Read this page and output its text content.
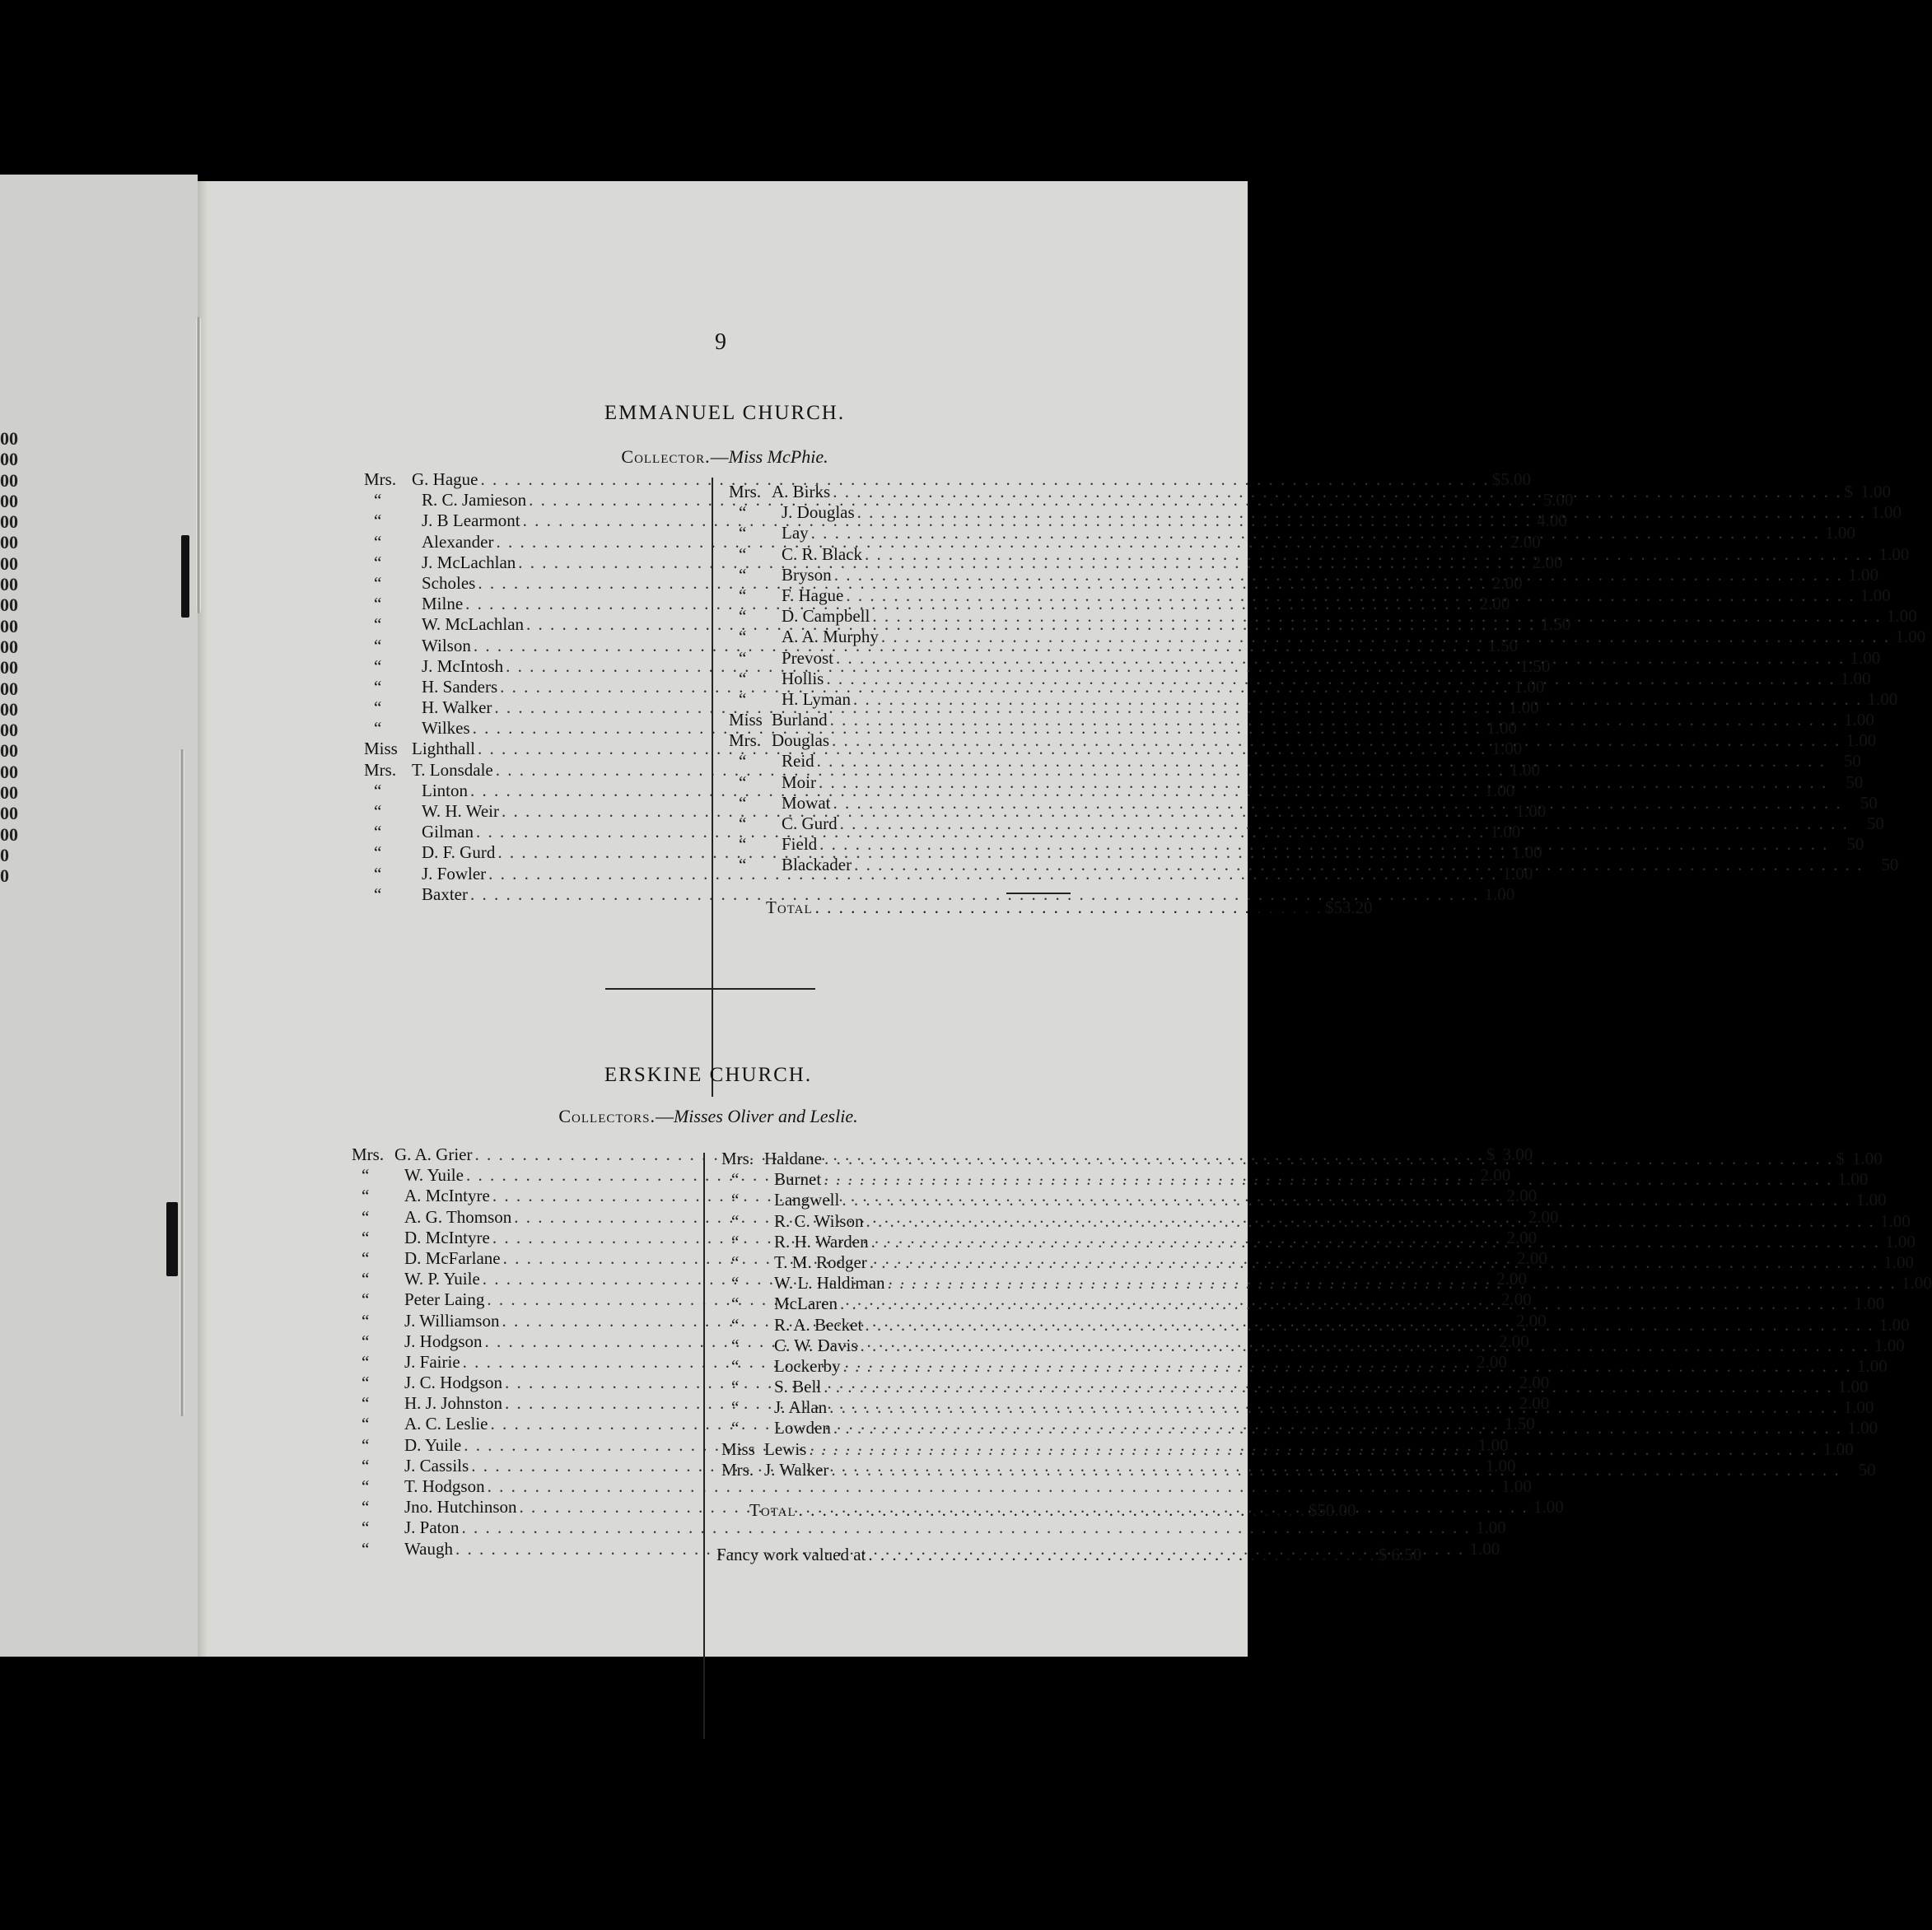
00
00
00
00
00
00
00
00
00
00
00
00
00
00
00
00
00
00
00
00
0
0
9
EMMANUEL CHURCH.
Collector.—Miss McPhie.
Mrs. G. Hague . . .	$5.00
“	R. C. Jamieson . . .	5.00
“	J. B Learmont . . .	4.00
“	Alexander . . .	2.00
“	J. McLachlan . . .	2.00
“	Scholes . . .	2.00
“	Milne . . .	2.00
“	W. McLachlan . . .	1.50
“	Wilson . . .	1.50
“	J. McIntosh . . .	1.50
“	H. Sanders . . .	1.00
“	H. Walker . . .	1.00
“	Wilkes . . .	1.00
Miss Lighthall . . .	1.00
Mrs. T. Lonsdale . . .	1.00
“	Linton . . .	1.00
“	W. H. Weir . . .	1.00
“	Gilman . . .	1.00
“	D. F. Gurd . . .	1.00
“	J. Fowler . . .	1.00
“	Baxter . . .	1.00
Mrs. A. Birks . . .	$ 1.00
“	J. Douglas . . .	1.00
“	Lay . . .	1.00
“	C. R. Black . . .	1.00
“	Bryson . . .	1.00
“	F. Hague . . .	1.00
“	D. Campbell . . .	1.00
“	A. A. Murphy . . .	1.00
“	Prevost . . .	1.00
“	Hollis . . .	1.00
“	H. Lyman . . .	1.00
Miss Burland . . .	1.00
Mrs. Douglas . . .	1.00
“	Reid . . .	50
“	Moir . . .	50
“	Mowat . . .	50
“	C. Gurd . . .	50
“	Field . . .	50
“	Blackader . . .	50
Total . . . . . . . . . . . . . . . . . . . . . . . . . . . . . . . . . . . . . . . . . . . $53.20
ERSKINE CHURCH.
Collectors.—Misses Oliver and Leslie.
Mrs. G. A. Grier . . .	$ 3.00
“	W. Yuile . . .	2.00
“	A. McIntyre . . .	2.00
“	A. G. Thomson . . .	2.00
“	D. McIntyre . . .	2.00
“	D. McFarlane . . .	2.00
“	W. P. Yuile . . .	2.00
“	Peter Laing . . .	2.00
“	J. Williamson . . .	2.00
“	J. Hodgson . . .	2.00
“	J. Fairie . . .	2.00
“	J. C. Hodgson . . .	2.00
“	H. J. Johnston . . .	2.00
“	A. C. Leslie . . .	1.50
“	D. Yuile . . .	1.00
“	J. Cassils . . .	1.00
“	T. Hodgson . . .	1.00
“	Jno. Hutchinson . . .	1.00
“	J. Paton . . .	1.00
“	Waugh . . .	1.00
Mrs. Haldane . . .	$ 1.00
“	Burnet . . .	1.00
“	Langwell . . .	1.00
“	R. C. Wilson . . .	1.00
“	R. H. Warden . . .	1.00
“	T. M. Rodger . . .	1.00
“	W. L. Haldiman . . .	1.00
“	McLaren . . .	1.00
“	R. A. Becket . . .	1.00
“	C. W. Davis . . .	1.00
“	Lockerby . . .	1.00
“	S. Bell . . .	1.00
“	J. Allan . . .	1.00
“	Lowden . . .	1.00
Miss Lewis . . .	1.00
Mrs. J. Walker . . .	50
Total . . . . . . . . . . . . . . . . . . . . . . . . . . . . . . . . . . . . . . . . . . . $50.00
Fancy work valued at . . . . . . . . . . . . . . . . . . . . . . . . . . . . . . . . . . . . . . . . . . . $ 6.50
